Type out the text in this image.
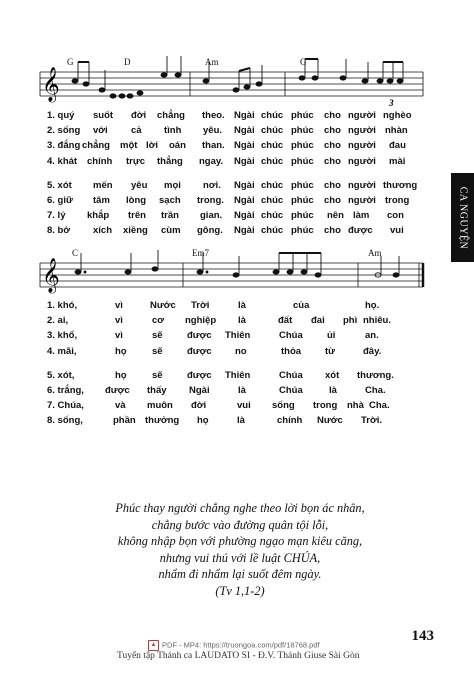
G	D	Am	G
𝄞
3
1. quý suốt đời chẳng theo. Ngài chúc phúc cho người nghèo
2. sống với cả tình yêu. Ngài chúc phúc cho người nhàn
3. đắng chẳng một lời oán than. Ngài chúc phúc cho người đau
4. khát chính trực thẳng ngay. Ngài chúc phúc cho người mài
5. xót mến yêu mọi nơi. Ngài chúc phúc cho người thương
6. giữ tâm lòng sạch trong. Ngài chúc phúc cho người trong
7. lý khắp trên trần gian. Ngài chúc phúc nên làm con
8. bớ xích xiềng cùm gông. Ngài chúc phúc cho được vui
C	Em7	Am
𝄞
1. khó,	vì	Nước Trời	là	của	họ.
2. ai,	vì	cơ nghiệp là	đất đai phì nhiêu.
3. khổ,	vì	sẽ	được Thiên	Chúa	ủi	an.
4. mãi,	họ	sẽ	được no	thỏa	từ	đây.
5. xót,	họ	sẽ	được Thiên	Chúa xót thương.
6. trắng, được thấy Ngài	là	Chúa	là	Cha.
7. Chúa,	và muôn đời	vui sống trong nhà Cha.
8. sống,	phần thưởng họ	là	chính Nước Trời.
CA NGUYỆN
Phúc thay người chẳng nghe theo lời bọn ác nhân,
chẳng bước vào đường quân tội lỗi,
không nhập bọn với phường ngạo mạn kiêu căng,
nhưng vui thú với lề luật CHÚA,
nhẩm đi nhẩm lại suốt đêm ngày.
(Tv 1,1-2)
143
▲ PDF - MP4: https://truongoa.com/pdf/18768.pdf
Tuyển tập Thánh ca LAUDATO SI - Đ.V. Thánh Giuse Sài Gòn
